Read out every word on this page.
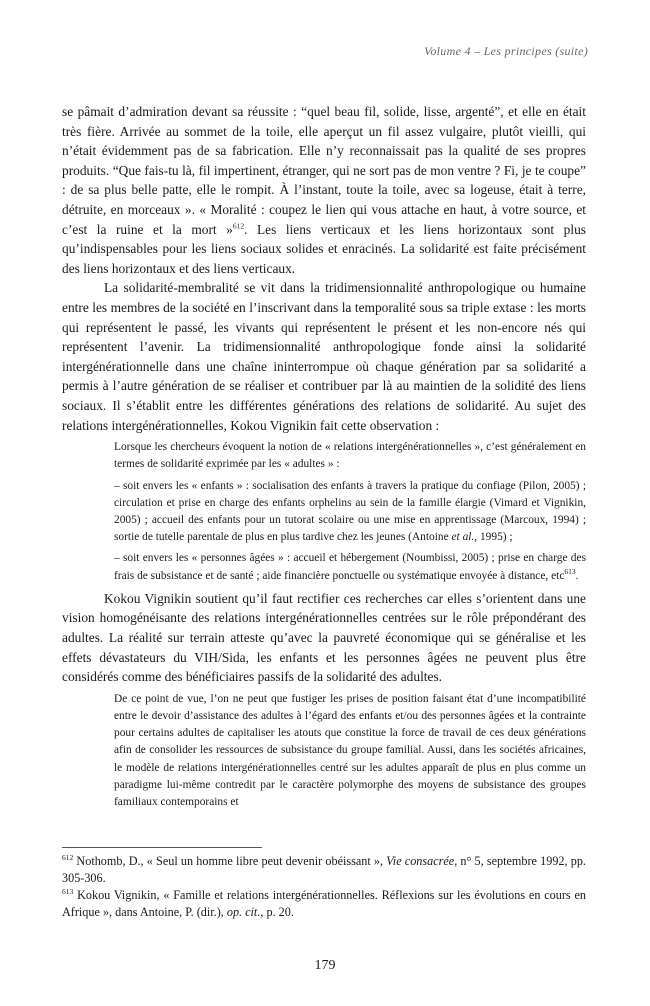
Volume 4 – Les principes (suite)

se pâmait d’admiration devant sa réussite : “quel beau fil, solide, lisse, argenté”, et elle en était très fière. Arrivée au sommet de la toile, elle aperçut un fil assez vulgaire, plutôt vieilli, qui n’était évidemment pas de sa fabrication. Elle n’y reconnaissait pas la qualité de ses propres produits. “Que fais-tu là, fil impertinent, étranger, qui ne sort pas de mon ventre ? Fi, je te coupe” : de sa plus belle patte, elle le rompit. À l’instant, toute la toile, avec sa logeuse, était à terre, détruite, en morceaux ». « Moralité : coupez le lien qui vous attache en haut, à votre source, et c’est la ruine et la mort »$^{612}$. Les liens verticaux et les liens horizontaux sont plus qu’indispensables pour les liens sociaux solides et enracinés. La solidarité est faite précisément des liens horizontaux et des liens verticaux.

La solidarité-membralité se vit dans la tridimensionnalité anthropologique ou humaine entre les membres de la société en l’inscrivant dans la temporalité sous sa triple extase : les morts qui représentent le passé, les vivants qui représentent le présent et les non-encore nés qui représentent l’avenir. La tridimensionnalité anthropologique fonde ainsi la solidarité intergénérationnelle dans une chaîne ininterrompue où chaque génération par sa solidarité a permis à l’autre génération de se réaliser et contribuer par là au maintien de la solidité des liens sociaux. Il s’établit entre les différentes générations des relations de solidarité. Au sujet des relations intergénérationnelles, Kokou Vignikin fait cette observation :

Lorsque les chercheurs évoquent la notion de « relations intergénérationnelles », c’est généralement en termes de solidarité exprimée par les « adultes » :

– soit envers les « enfants » : socialisation des enfants à travers la pratique du confiage (Pilon, 2005) ; circulation et prise en charge des enfants orphelins au sein de la famille élargie (Vimard et Vignikin, 2005) ; accueil des enfants pour un tutorat scolaire ou une mise en apprentissage (Marcoux, 1994) ; sortie de tutelle parentale de plus en plus tardive chez les jeunes (Antoine et al., 1995) ;

– soit envers les « personnes âgées » : accueil et hébergement (Noumbissi, 2005) ; prise en charge des frais de subsistance et de santé ; aide financière ponctuelle ou systématique envoyée à distance, etc$^{613}$.

Kokou Vignikin soutient qu’il faut rectifier ces recherches car elles s’orientent dans une vision homogénéisante des relations intergénérationnelles centrées sur le rôle prépondérant des adultes. La réalité sur terrain atteste qu’avec la pauvreté économique qui se généralise et les effets dévastateurs du VIH/Sida, les enfants et les personnes âgées ne peuvent plus être considérés comme des bénéficiaires passifs de la solidarité des adultes.

De ce point de vue, l’on ne peut que fustiger les prises de position faisant état d’une incompatibilité entre le devoir d’assistance des adultes à l’égard des enfants et/ou des personnes âgées et la contrainte pour certains adultes de capitaliser les atouts que constitue la force de travail de ces deux générations afin de consolider les ressources de subsistance du groupe familial. Aussi, dans les sociétés africaines, le modèle de relations intergénérationnelles centré sur les adultes apparaît de plus en plus comme un paradigme lui-même contredit par le caractère polymorphe des moyens de subsistance des groupes familiaux contemporains et

$^{612}$ Nothomb, D., « Seul un homme libre peut devenir obéissant », Vie consacrée, n° 5, septembre 1992, pp. 305-306.

$^{613}$ Kokou Vignikin, « Famille et relations intergénérationnelles. Réflexions sur les évolutions en cours en Afrique », dans Antoine, P. (dir.), op. cit., p. 20.

179
